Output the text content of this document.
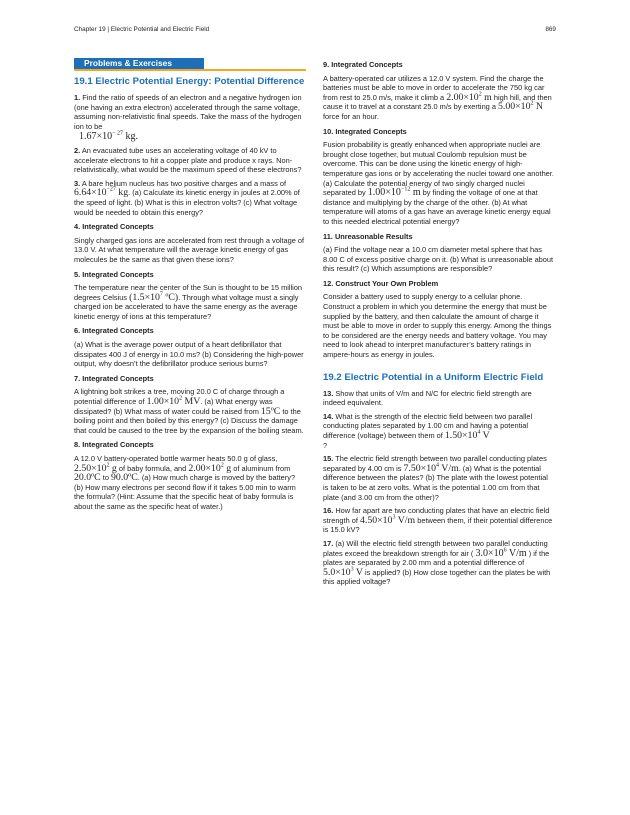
Chapter 19 | Electric Potential and Electric Field	869
Problems & Exercises
19.1 Electric Potential Energy: Potential Difference
1. Find the ratio of speeds of an electron and a negative hydrogen ion (one having an extra electron) accelerated through the same voltage, assuming non-relativistic final speeds. Take the mass of the hydrogen ion to be
$1.67\times 10^{- 27}$ kg.
2. An evacuated tube uses an accelerating voltage of 40 kV to accelerate electrons to hit a copper plate and produce x rays. Non-relativistically, what would be the maximum speed of these electrons?
3. A bare helium nucleus has two positive charges and a mass of $6.64\times 10^{-27}$ kg. (a) Calculate its kinetic energy in joules at 2.00% of the speed of light. (b) What is this in electron volts? (c) What voltage would be needed to obtain this energy?
4. Integrated Concepts
Singly charged gas ions are accelerated from rest through a voltage of 13.0 V. At what temperature will the average kinetic energy of gas molecules be the same as that given these ions?
5. Integrated Concepts
The temperature near the center of the Sun is thought to be 15 million degrees Celsius ($1.5\times 10^7$ ºC). Through what voltage must a singly charged ion be accelerated to have the same energy as the average kinetic energy of ions at this temperature?
6. Integrated Concepts
(a) What is the average power output of a heart defibrillator that dissipates 400 J of energy in 10.0 ms? (b) Considering the high-power output, why doesn’t the defibrillator produce serious burns?
7. Integrated Concepts
A lightning bolt strikes a tree, moving 20.0 C of charge through a potential difference of $1.00\times 10^2$ MV. (a) What energy was dissipated? (b) What mass of water could be raised from 15ºC to the boiling point and then boiled by this energy? (c) Discuss the damage that could be caused to the tree by the expansion of the boiling steam.
8. Integrated Concepts
A 12.0 V battery-operated bottle warmer heats 50.0 g of glass, $2.50\times 10^2$ g of baby formula, and $2.00\times 10^2$ g of aluminum from 20.0ºC to 90.0ºC. (a) How much charge is moved by the battery? (b) How many electrons per second flow if it takes 5.00 min to warm the formula? (Hint: Assume that the specific heat of baby formula is about the same as the specific heat of water.)
9. Integrated Concepts
A battery-operated car utilizes a 12.0 V system. Find the charge the batteries must be able to move in order to accelerate the 750 kg car from rest to 25.0 m/s, make it climb a $2.00\times 10^2$ m high hill, and then cause it to travel at a constant 25.0 m/s by exerting a $5.00\times 10^2$ N force for an hour.
10. Integrated Concepts
Fusion probability is greatly enhanced when appropriate nuclei are brought close together, but mutual Coulomb repulsion must be overcome. This can be done using the kinetic energy of high-temperature gas ions or by accelerating the nuclei toward one another. (a) Calculate the potential energy of two singly charged nuclei separated by $1.00\times 10^{-12}$ m by finding the voltage of one at that distance and multiplying by the charge of the other. (b) At what temperature will atoms of a gas have an average kinetic energy equal to this needed electrical potential energy?
11. Unreasonable Results
(a) Find the voltage near a 10.0 cm diameter metal sphere that has 8.00 C of excess positive charge on it. (b) What is unreasonable about this result? (c) Which assumptions are responsible?
12. Construct Your Own Problem
Consider a battery used to supply energy to a cellular phone. Construct a problem in which you determine the energy that must be supplied by the battery, and then calculate the amount of charge it must be able to move in order to supply this energy. Among the things to be considered are the energy needs and battery voltage. You may need to look ahead to interpret manufacturer’s battery ratings in ampere-hours as energy in joules.
19.2 Electric Potential in a Uniform Electric Field
13. Show that units of V/m and N/C for electric field strength are indeed equivalent.
14. What is the strength of the electric field between two parallel conducting plates separated by 1.00 cm and having a potential difference (voltage) between them of $1.50\times 10^4$ V
?
15. The electric field strength between two parallel conducting plates separated by 4.00 cm is $7.50\times 10^4$ V/m. (a) What is the potential difference between the plates? (b) The plate with the lowest potential is taken to be at zero volts. What is the potential 1.00 cm from that plate (and 3.00 cm from the other)?
16. How far apart are two conducting plates that have an electric field strength of $4.50\times 10^3$ V/m between them, if their potential difference is 15.0 kV?
17. (a) Will the electric field strength between two parallel conducting plates exceed the breakdown strength for air ( $3.0\times 10^6$ V/m ) if the plates are separated by 2.00 mm and a potential difference of $5.0\times 10^3$ V is applied? (b) How close together can the plates be with this applied voltage?
